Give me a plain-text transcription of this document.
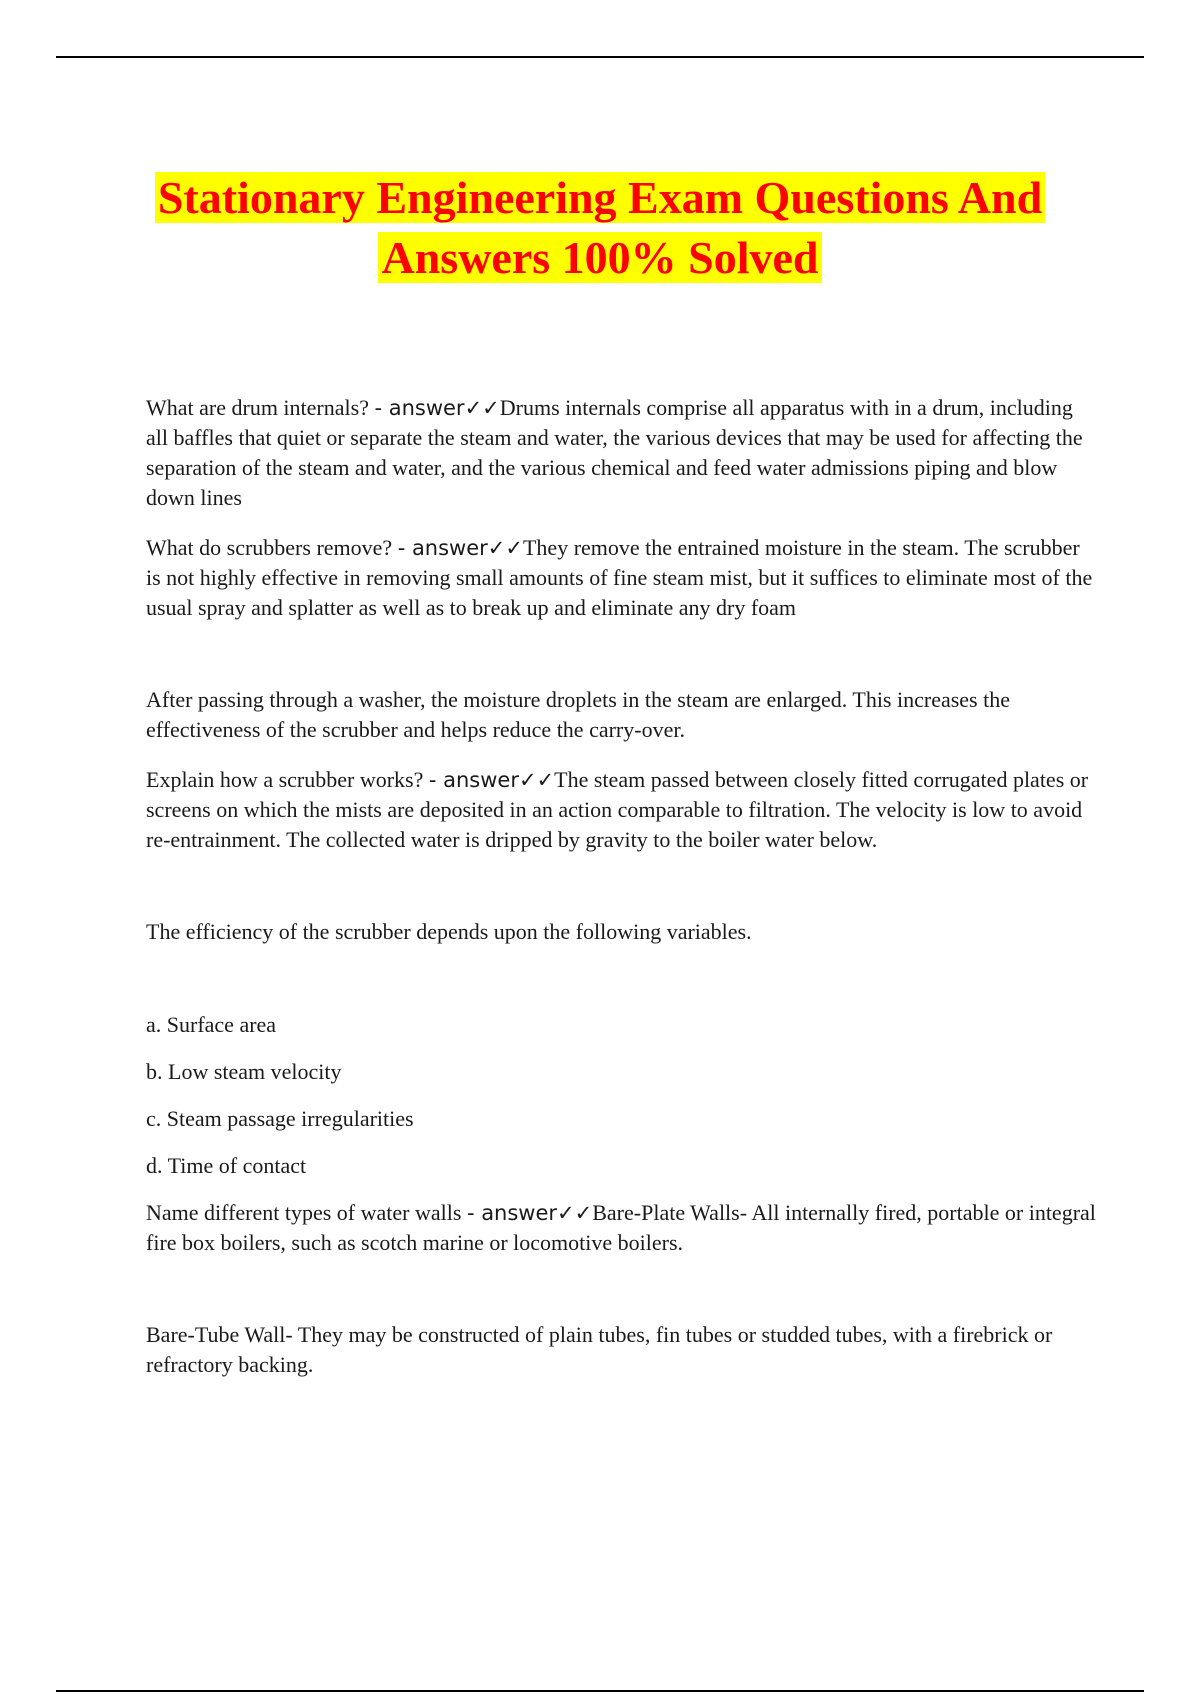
Stationary Engineering Exam Questions And
Answers 100% Solved

What are drum internals? - answer✓✓Drums internals comprise all apparatus with in a drum, including all baffles that quiet or separate the steam and water, the various devices that may be used for affecting the separation of the steam and water, and the various chemical and feed water admissions piping and blow down lines

What do scrubbers remove? - answer✓✓They remove the entrained moisture in the steam. The scrubber is not highly effective in removing small amounts of fine steam mist, but it suffices to eliminate most of the usual spray and splatter as well as to break up and eliminate any dry foam

After passing through a washer, the moisture droplets in the steam are enlarged. This increases the effectiveness of the scrubber and helps reduce the carry-over.

Explain how a scrubber works? - answer✓✓The steam passed between closely fitted corrugated plates or screens on which the mists are deposited in an action comparable to filtration. The velocity is low to avoid re-entrainment. The collected water is dripped by gravity to the boiler water below.

The efficiency of the scrubber depends upon the following variables.

a. Surface area

b. Low steam velocity

c. Steam passage irregularities

d. Time of contact

Name different types of water walls - answer✓✓Bare-Plate Walls- All internally fired, portable or integral fire box boilers, such as scotch marine or locomotive boilers.

Bare-Tube Wall- They may be constructed of plain tubes, fin tubes or studded tubes, with a firebrick or refractory backing.
